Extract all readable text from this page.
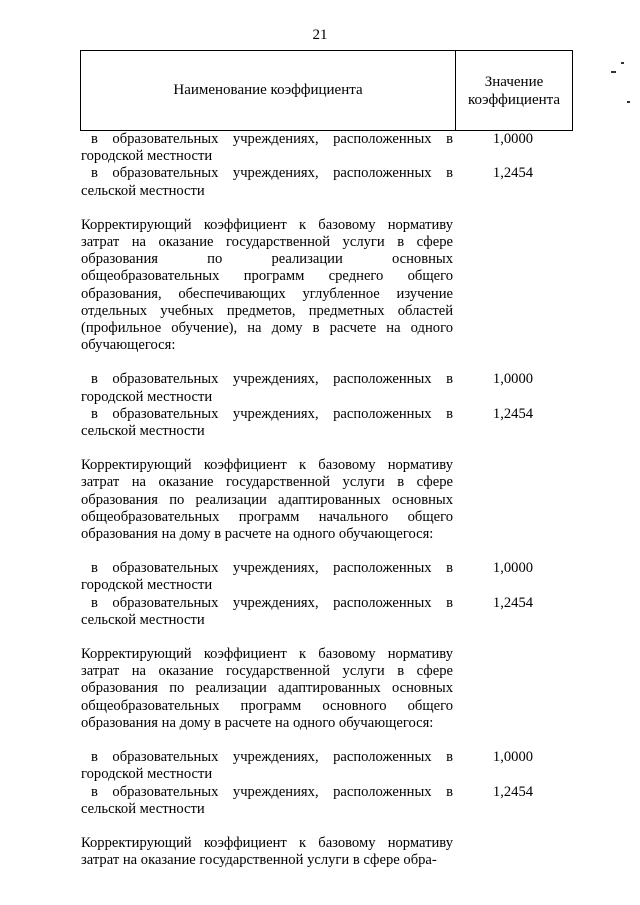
21
Наименование коэффициента
Значение
коэффициента
в образовательных учреждениях, расположенных в городской местности
1,0000
в образовательных учреждениях, расположенных в сельской местности
1,2454
Корректирующий коэффициент к базовому нормативу затрат на оказание государственной услуги в сфере образования по реализации основных общеобразовательных программ среднего общего образования, обеспечивающих углубленное изучение отдельных учебных предметов, предметных областей (профильное обучение), на дому в расчете на одного обучающегося:
в образовательных учреждениях, расположенных в городской местности
1,0000
в образовательных учреждениях, расположенных в сельской местности
1,2454
Корректирующий коэффициент к базовому нормативу затрат на оказание государственной услуги в сфере образования по реализации адаптированных основных общеобразовательных программ начального общего образования на дому в расчете на одного обучающегося:
в образовательных учреждениях, расположенных в городской местности
1,0000
в образовательных учреждениях, расположенных в сельской местности
1,2454
Корректирующий коэффициент к базовому нормативу затрат на оказание государственной услуги в сфере образования по реализации адаптированных основных общеобразовательных программ основного общего образования на дому в расчете на одного обучающегося:
в образовательных учреждениях, расположенных в городской местности
1,0000
в образовательных учреждениях, расположенных в сельской местности
1,2454
Корректирующий коэффициент к базовому нормативу затрат на оказание государственной услуги в сфере обра-
